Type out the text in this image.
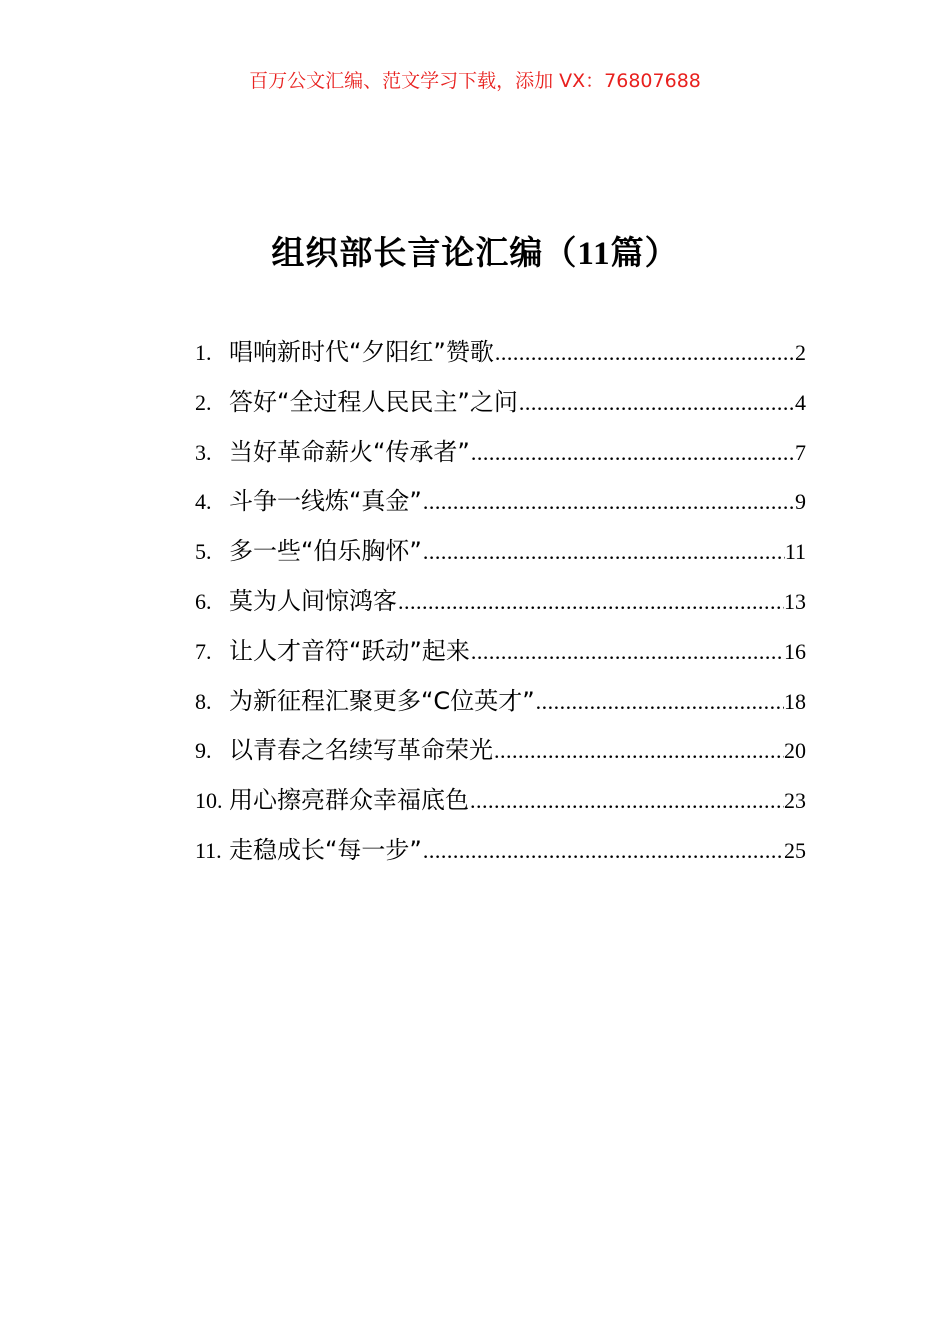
百万公文汇编、范文学习下载，添加 VX：76807688
组织部长言论汇编（11篇）
1. 唱响新时代“夕阳红”赞歌 .....	2
2. 答好“全过程人民民主”之问 .....	4
3. 当好革命薪火“传承者” .....	7
4. 斗争一线炼“真金” .....	9
5. 多一些“伯乐胸怀” .....	11
6. 莫为人间惊鸿客 .....	13
7. 让人才音符“跃动”起来 .....	16
8. 为新征程汇聚更多“C位英才” .....	18
9. 以青春之名续写革命荣光 .....	20
10. 用心擦亮群众幸福底色 .....	23
11. 走稳成长“每一步” .....	25
